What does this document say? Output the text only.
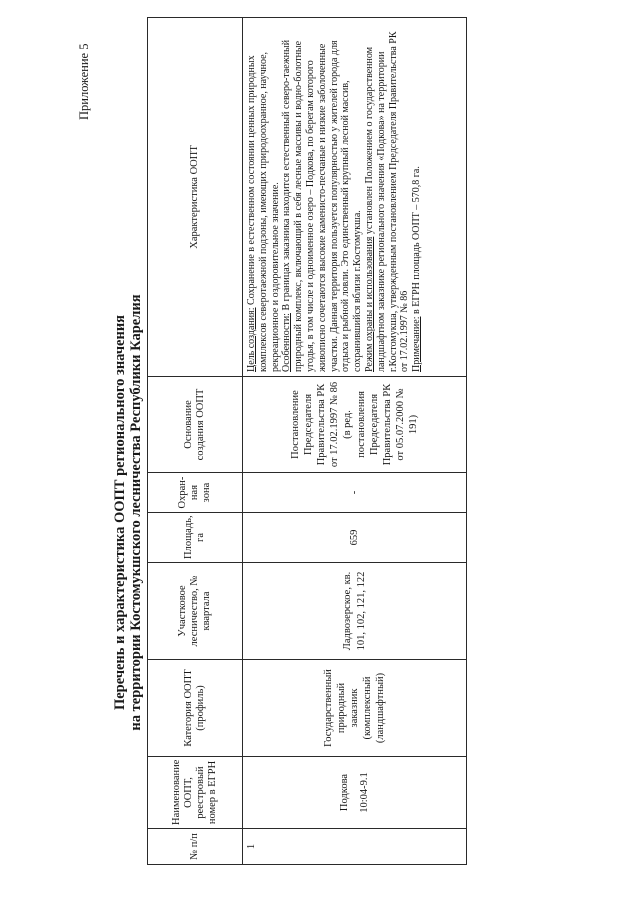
Приложение 5
Перечень и характеристика ООПТ регионального значения на территории Костомукшского лесничества Республики Карелия
№ п/п	Наименование ООПТ, реестровый номер в ЕГРН	Категория ООПТ (профиль)	Участковое лесничество, № квартала	Площадь, га	Охран-ная зона	Основание создания ООПТ	Характеристика ООПТ
1	Подкова 10:04-9.1	Государственный природный заказник (комплексный (ландшафтный)	Ладвозерское, кв. 101, 102, 121, 122	659	-	Постановление Председателя Правительства РК от 17.02.1997 № 86 (в ред. постановления Председателя Правительства РК от 05.07.2000 № 191)	Цель создания: Сохранение в естественном состоянии ценных природных комплексов северотаежной подзоны, имеющих природоохранное, научное, рекреационное и оздоровительное значение.
Особенности: В границах заказника находится естественный северо-таежный природный комплекс, включающий в себя лесные массивы и водно-болотные угодья, в том числе и одноименное озеро – Подкова, по берегам которого живописно сочетаются высокие каменисто-песчаные и низкие заболоченные участки. Данная территория пользуется популярностью у жителей города для отдыха и рыбной ловли. Это единственный крупный лесной массив, сохранившийся вблизи г.Костомукша.
Режим охраны и использования установлен Положением о государственном ландшафтном заказнике регионального значения «Подкова» на территории г.Костомукша, утвержденным постановлением Председателя Правительства РК от 17.02.1997 № 86
Примечание: в ЕГРН площадь ООПТ – 570,8 га.
